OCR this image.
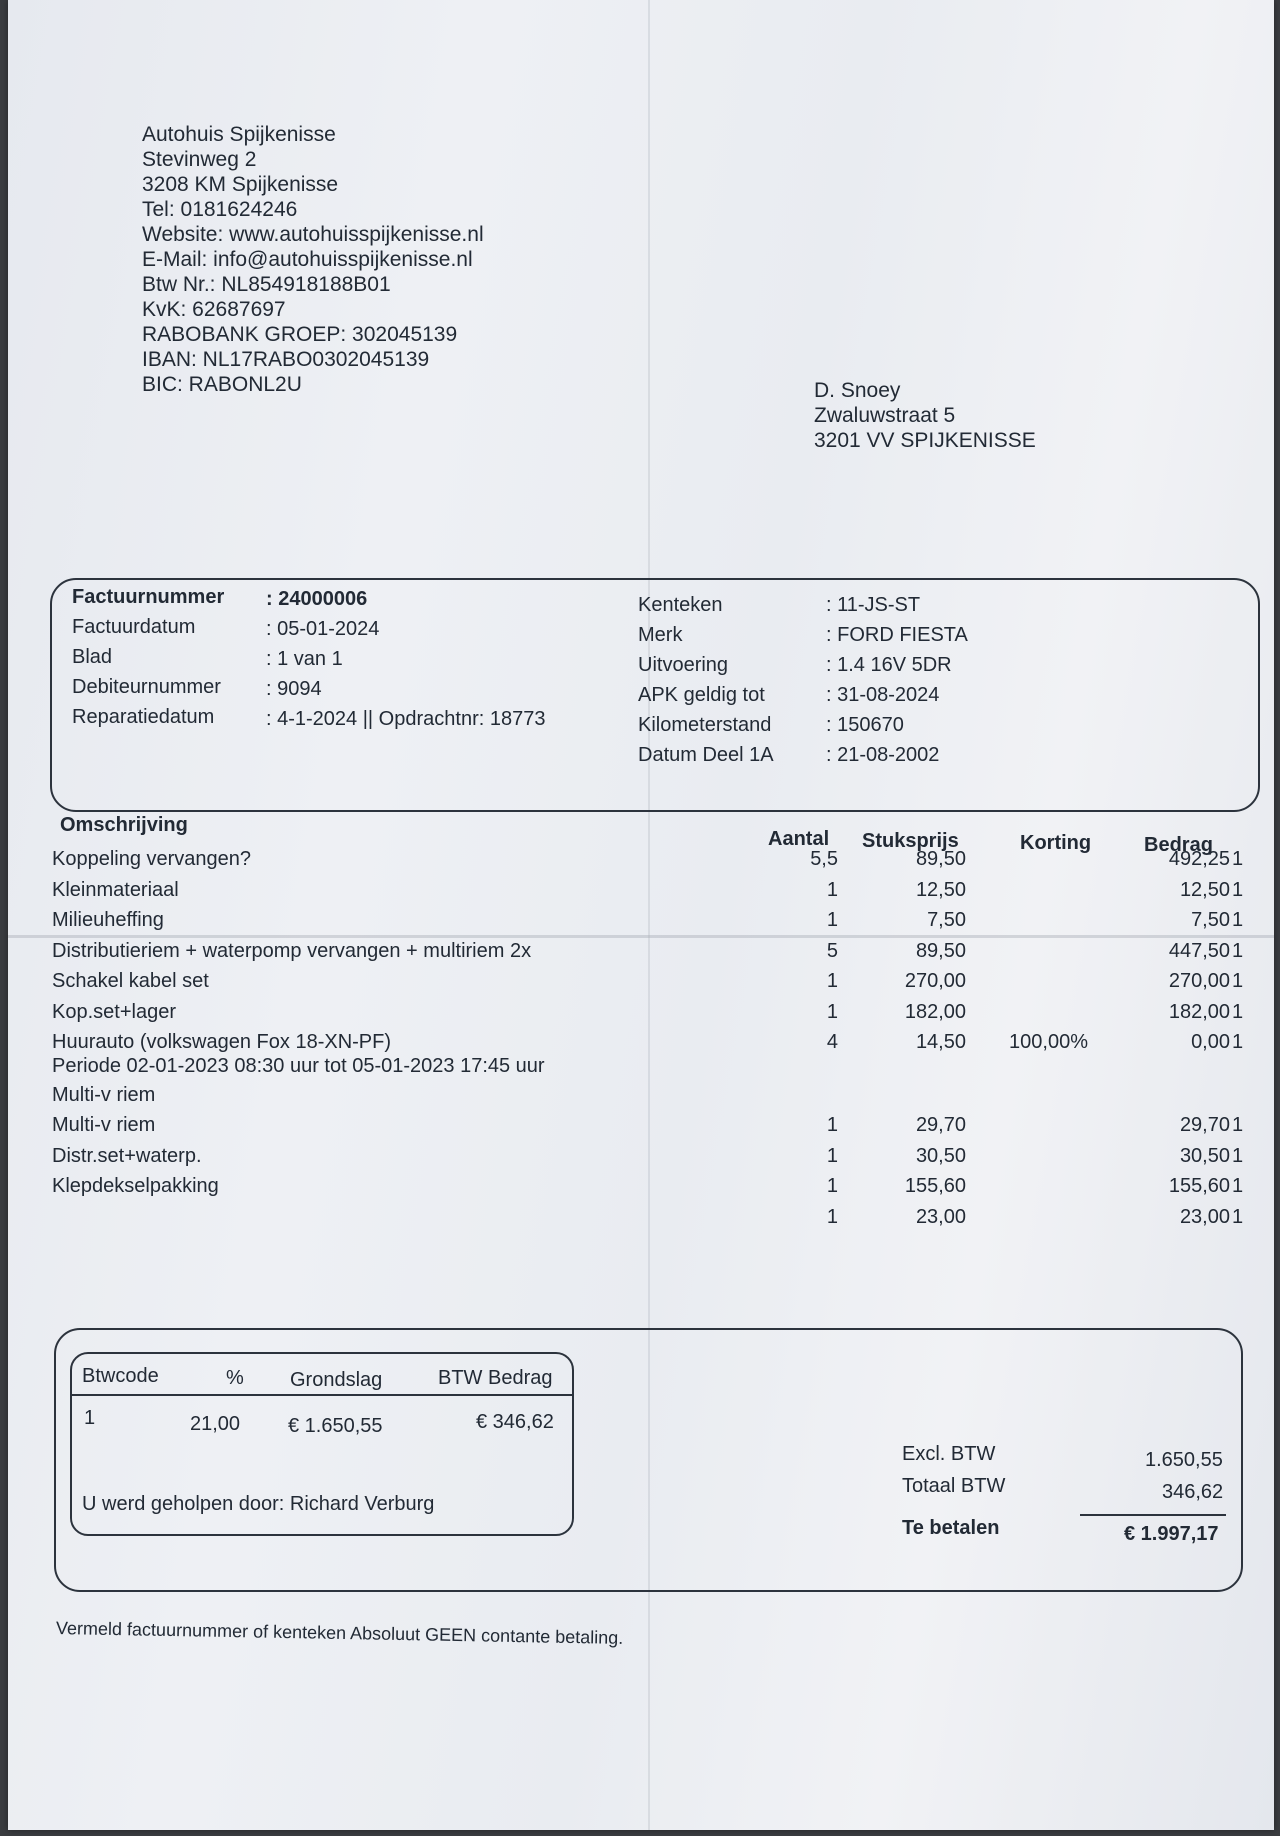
Autohuis Spijkenisse
Stevinweg 2
3208 KM Spijkenisse
Tel: 0181624246
Website: www.autohuisspijkenisse.nl
E-Mail: info@autohuisspijkenisse.nl
Btw Nr.: NL854918188B01
KvK: 62687697
RABOBANK GROEP: 302045139
IBAN: NL17RABO0302045139
BIC: RABONL2U	D. Snoey
Zwaluwstraat 5
3201 VV SPIJKENISSE
Factuurnummer : 24000006
Factuurdatum	: 05-01-2024
Blad	: 1 van 1
Debiteurnummer : 9094
Reparatiedatum	: 4-1-2024 || Opdrachtnr: 18773
Kenteken	: 11-JS-ST
Merk	: FORD FIESTA
Uitvoering	: 1.4 16V 5DR
APK geldig tot	: 31-08-2024
Kilometerstand	: 150670
Datum Deel 1A	: 21-08-2002
Omschrijving
Aantal Stuksprijs	Korting	Bedrag
Koppeling vervangen?	5,5	89,50	492,25 1
Kleinmateriaal	1	12,50	12,50 1
Milieuheffing	1	7,50	7,50 1
Distributieriem + waterpomp vervangen + multiriem 2x	5	89,50	447,50 1
Schakel kabel set	1	270,00	270,00 1
Kop.set+lager	1	182,00	182,00 1
Huurauto (volkswagen Fox 18-XN-PF)	4	14,50 100,00%	0,00 1
Periode 02-01-2023 08:30 uur tot 05-01-2023 17:45 uur
Multi-v riem
Multi-v riem	1	29,70	29,70 1
Distr.set+waterp.	1	30,50	30,50 1
Klepdekselpakking	1	155,60	155,60 1
1	23,00	23,00 1
Btwcode	% Grondslag	BTW Bedrag
1	21,00 € 1.650,55	€ 346,62
U werd geholpen door: Richard Verburg
Excl. BTW	1.650,55
Totaal BTW	346,62
Te betalen	€ 1.997,17
Vermeld factuurnummer of kenteken Absoluut GEEN contante betaling.
